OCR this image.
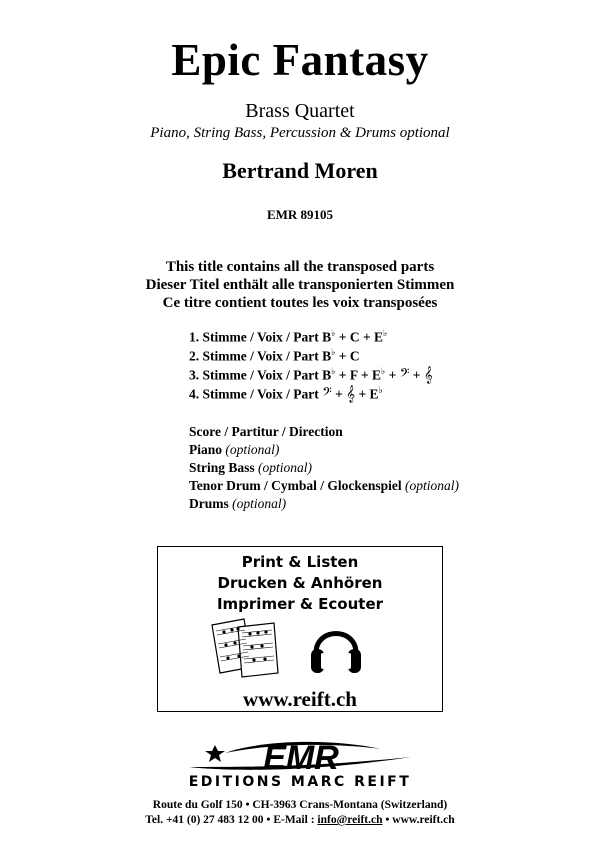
Epic Fantasy
Brass Quartet
Piano, String Bass, Percussion & Drums optional
Bertrand Moren
EMR 89105
This title contains all the transposed parts
Dieser Titel enthält alle transponierten Stimmen
Ce titre contient toutes les voix transposées
1. Stimme / Voix / Part B♭ + C + E♭
2. Stimme / Voix / Part B♭ + C
3. Stimme / Voix / Part B♭ + F + E♭ + 𝄢 + 𝄞
4. Stimme / Voix / Part 𝄢 + 𝄞 + E♭
Score / Partitur / Direction
Piano (optional)
String Bass (optional)
Tenor Drum / Cymbal / Glockenspiel (optional)
Drums (optional)
Print & Listen
Drucken & Anhören
Imprimer & Ecouter
www.reift.ch
EMR
EDITIONS MARC REIFT
Route du Golf 150 • CH-3963 Crans-Montana (Switzerland)
Tel. +41 (0) 27 483 12 00 • E-Mail : info@reift.ch • www.reift.ch
